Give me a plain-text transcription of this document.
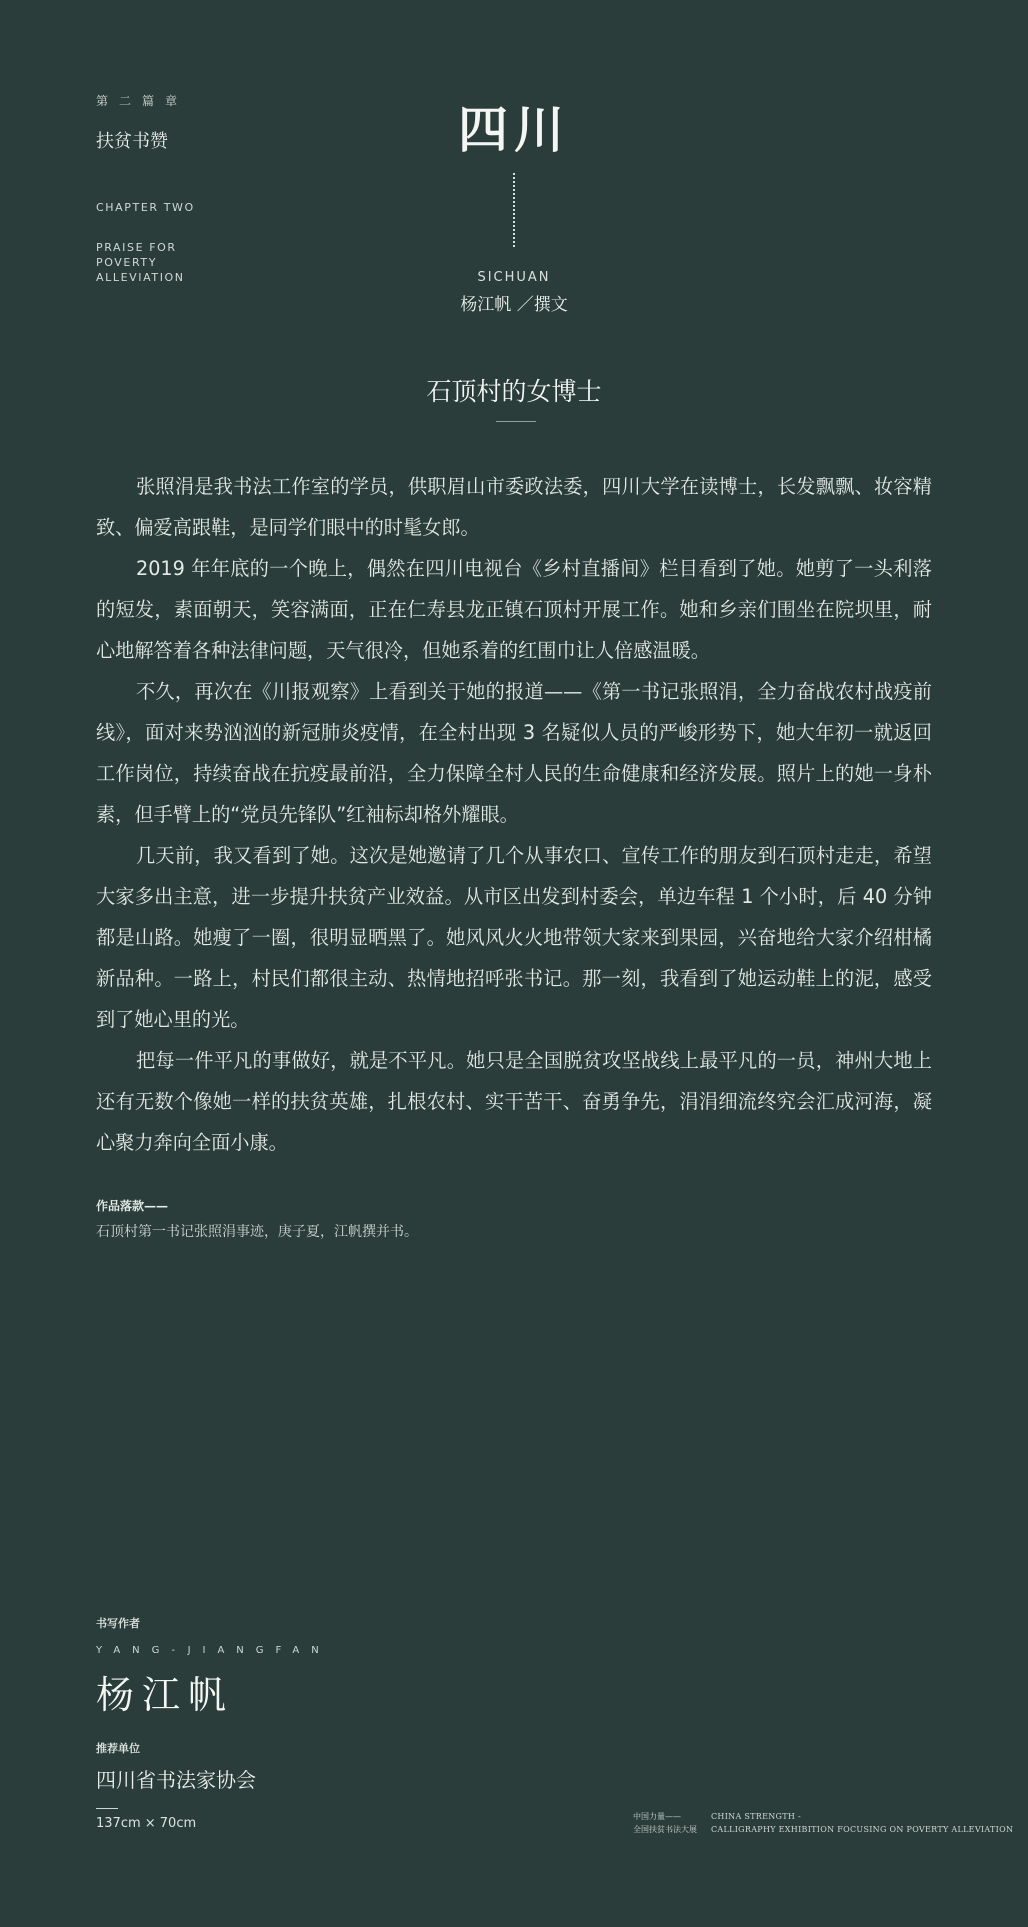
第二篇章
扶贫书赞
CHAPTER TWO
PRAISE FOR POVERTY ALLEVIATION
四川
SICHUAN
杨江帆 ／撰文
石顶村的女博士

张照涓是我书法工作室的学员，供职眉山市委政法委，四川大学在读博士，长发飘飘、妆容精致、偏爱高跟鞋，是同学们眼中的时髦女郎。

2019 年年底的一个晚上，偶然在四川电视台《乡村直播间》栏目看到了她。她剪了一头利落的短发，素面朝天，笑容满面，正在仁寿县龙正镇石顶村开展工作。她和乡亲们围坐在院坝里，耐心地解答着各种法律问题，天气很冷，但她系着的红围巾让人倍感温暖。

不久，再次在《川报观察》上看到关于她的报道——《第一书记张照涓，全力奋战农村战疫前线》，面对来势汹汹的新冠肺炎疫情，在全村出现 3 名疑似人员的严峻形势下，她大年初一就返回工作岗位，持续奋战在抗疫最前沿，全力保障全村人民的生命健康和经济发展。照片上的她一身朴素，但手臂上的“党员先锋队”红袖标却格外耀眼。

几天前，我又看到了她。这次是她邀请了几个从事农口、宣传工作的朋友到石顶村走走，希望大家多出主意，进一步提升扶贫产业效益。从市区出发到村委会，单边车程 1 个小时，后 40 分钟都是山路。她瘦了一圈，很明显晒黑了。她风风火火地带领大家来到果园，兴奋地给大家介绍柑橘新品种。一路上，村民们都很主动、热情地招呼张书记。那一刻，我看到了她运动鞋上的泥，感受到了她心里的光。

把每一件平凡的事做好，就是不平凡。她只是全国脱贫攻坚战线上最平凡的一员，神州大地上还有无数个像她一样的扶贫英雄，扎根农村、实干苦干、奋勇争先，涓涓细流终究会汇成河海，凝心聚力奔向全面小康。

作品落款——
石顶村第一书记张照涓事迹，庚子夏，江帆撰并书。
书写作者
YANG-JIANGFAN
杨江帆
推荐单位
四川省书法家协会
137cm × 70cm	中国力量——
全国扶贫书法大展
CHINA STRENGTH -
CALLIGRAPHY EXHIBITION FOCUSING ON POVERTY ALLEVIATION
